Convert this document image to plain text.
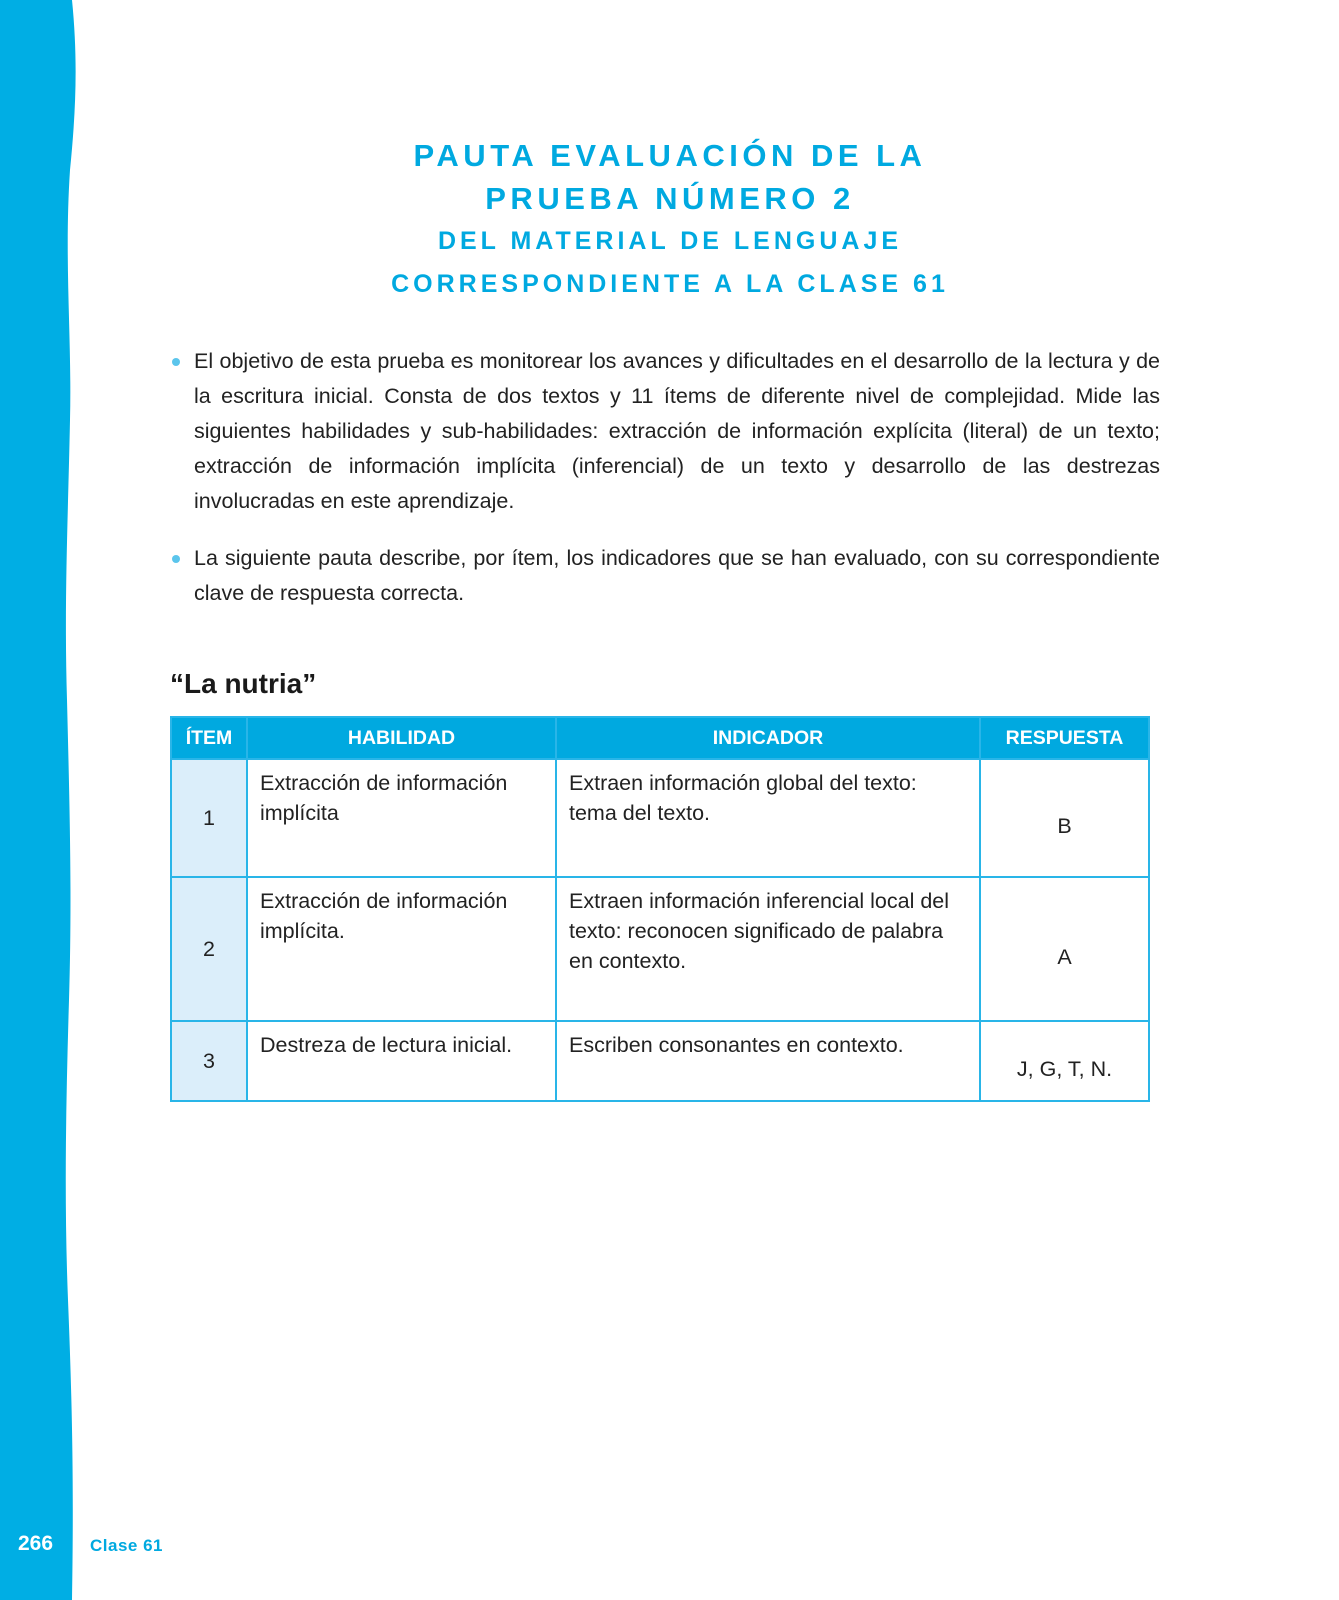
PAUTA EVALUACIÓN DE LA
PRUEBA NÚMERO 2
DEL MATERIAL DE LENGUAJE
CORRESPONDIENTE A LA CLASE 61
El objetivo de esta prueba es monitorear los avances y dificultades en el desarrollo de la lectura y de la escritura inicial. Consta de dos textos y 11 ítems de diferente nivel de complejidad. Mide las siguientes habilidades y sub-habilidades: extracción de información explícita (literal) de un texto; extracción de información implícita (inferencial) de un texto y desarrollo de las destrezas involucradas en este aprendizaje.
La siguiente pauta describe, por ítem, los indicadores que se han evaluado, con su correspondiente clave de respuesta correcta.
“La nutria”
ÍTEM	HABILIDAD	INDICADOR	RESPUESTA
1	Extracción de información implícita	Extraen información global del texto: tema del texto.	B
2	Extracción de información implícita.	Extraen información inferencial local del texto: reconocen significado de palabra en contexto.	A
3	Destreza de lectura inicial.	Escriben consonantes en contexto.	J, G, T, N.
266 Clase 61
